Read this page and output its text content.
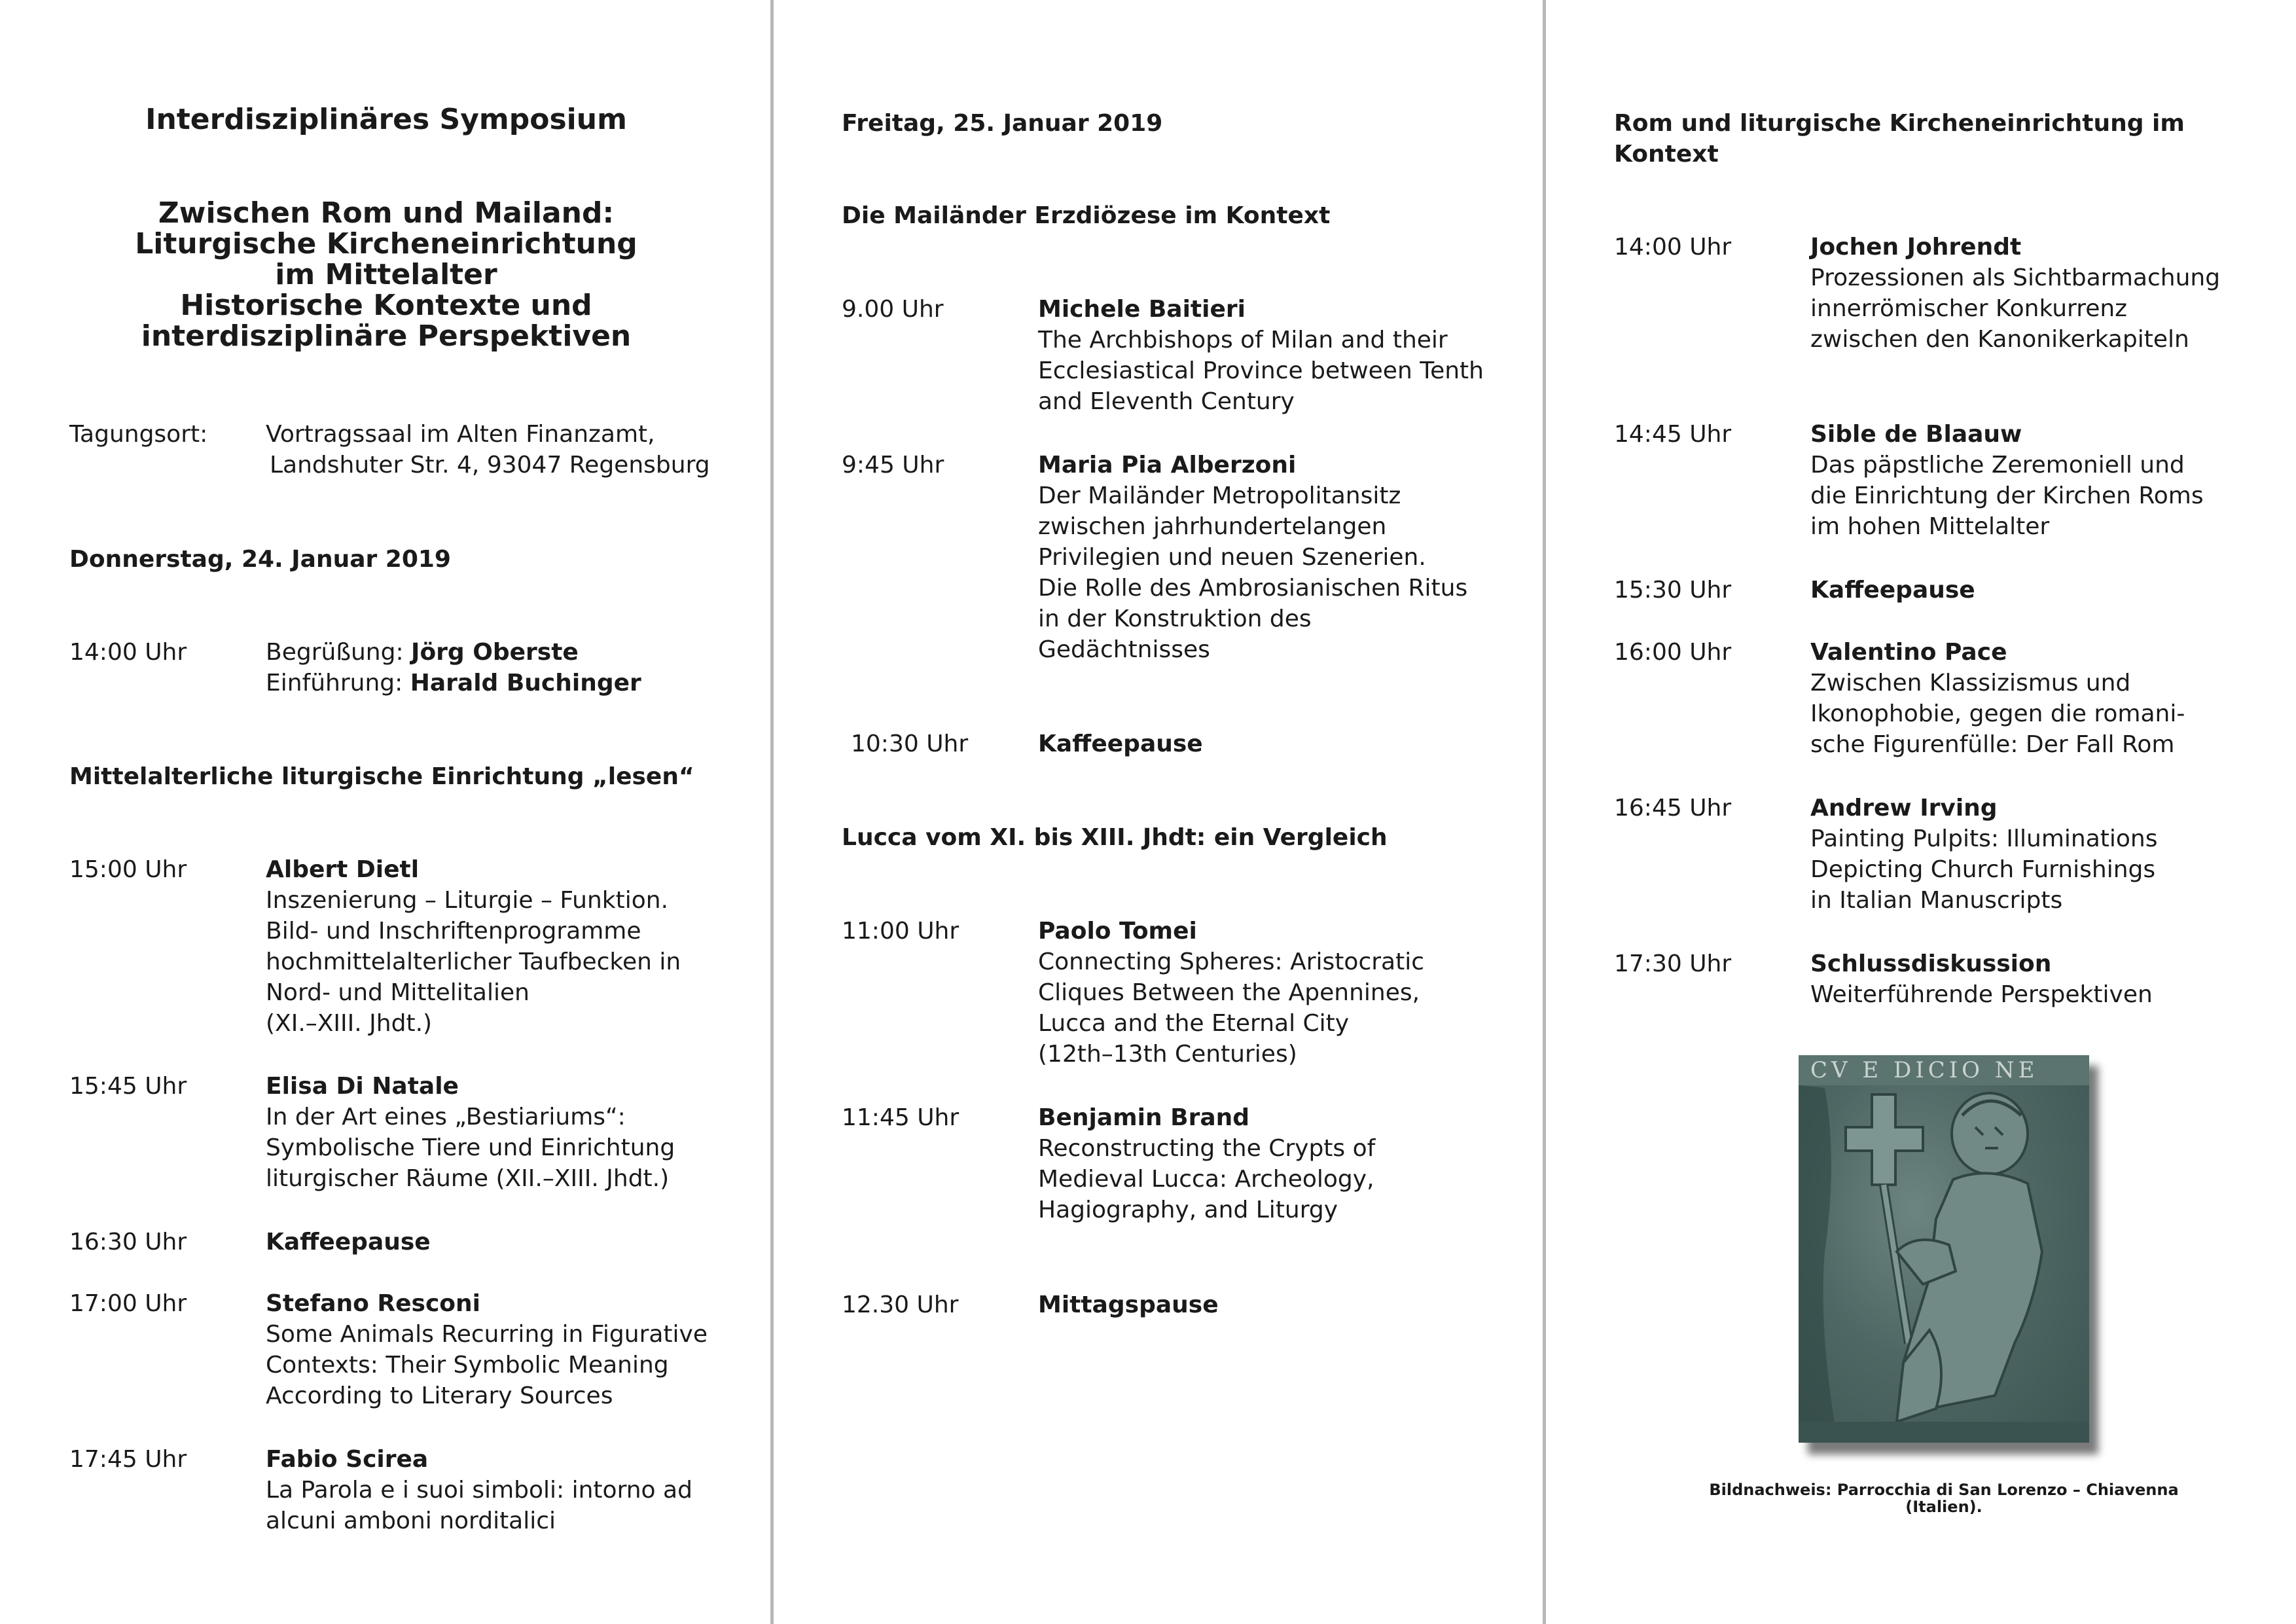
Interdisziplinäres Symposium
Zwischen Rom und Mailand:
Liturgische Kircheneinrichtung
im Mittelalter
Historische Kontexte und
interdisziplinäre Perspektiven
Tagungsort: Vortragssaal im Alten Finanzamt,
Landshuter Str. 4, 93047 Regensburg
Donnerstag, 24. Januar 2019
14:00 Uhr	Begrüßung: Jörg Oberste
Einführung: Harald Buchinger
Mittelalterliche liturgische Einrichtung „lesen“
15:00 Uhr	Albert Dietl
Inszenierung – Liturgie – Funktion.
Bild- und Inschriftenprogramme
hochmittelalterlicher Taufbecken in
Nord- und Mittelitalien
(XI.–XIII. Jhdt.)
15:45 Uhr	Elisa Di Natale
In der Art eines „Bestiariums“:
Symbolische Tiere und Einrichtung
liturgischer Räume (XII.–XIII. Jhdt.)
16:30 Uhr	Kaffeepause
17:00 Uhr	Stefano Resconi
Some Animals Recurring in Figurative
Contexts: Their Symbolic Meaning
According to Literary Sources
17:45 Uhr	Fabio Scirea
La Parola e i suoi simboli: intorno ad
alcuni amboni norditalici
Freitag, 25. Januar 2019
Die Mailänder Erzdiözese im Kontext
9.00 Uhr	Michele Baitieri
The Archbishops of Milan and their
Ecclesiastical Province between Tenth
and Eleventh Century
9:45 Uhr	Maria Pia Alberzoni
Der Mailänder Metropolitansitz
zwischen jahrhundertelangen
Privilegien und neuen Szenerien.
Die Rolle des Ambrosianischen Ritus
in der Konstruktion des
Gedächtnisses
10:30 Uhr	Kaffeepause
Lucca vom XI. bis XIII. Jhdt: ein Vergleich
11:00 Uhr	Paolo Tomei
Connecting Spheres: Aristocratic
Cliques Between the Apennines,
Lucca and the Eternal City
(12th–13th Centuries)
11:45 Uhr	Benjamin Brand
Reconstructing the Crypts of
Medieval Lucca: Archeology,
Hagiography, and Liturgy
12.30 Uhr	Mittagspause
Rom und liturgische Kircheneinrichtung im
Kontext
14:00 Uhr	Jochen Johrendt
Prozessionen als Sichtbarmachung
innerrömischer Konkurrenz
zwischen den Kanonikerkapiteln
14:45 Uhr	Sible de Blaauw
Das päpstliche Zeremoniell und
die Einrichtung der Kirchen Roms
im hohen Mittelalter
15:30 Uhr	Kaffeepause
16:00 Uhr	Valentino Pace
Zwischen Klassizismus und
Ikonophobie, gegen die romani-
sche Figurenfülle: Der Fall Rom
16:45 Uhr	Andrew Irving
Painting Pulpits: Illuminations
Depicting Church Furnishings
in Italian Manuscripts
17:30 Uhr	Schlussdiskussion
Weiterführende Perspektiven
CV E DICIO NE
Bildnachweis: Parrocchia di San Lorenzo – Chiavenna
(Italien).
